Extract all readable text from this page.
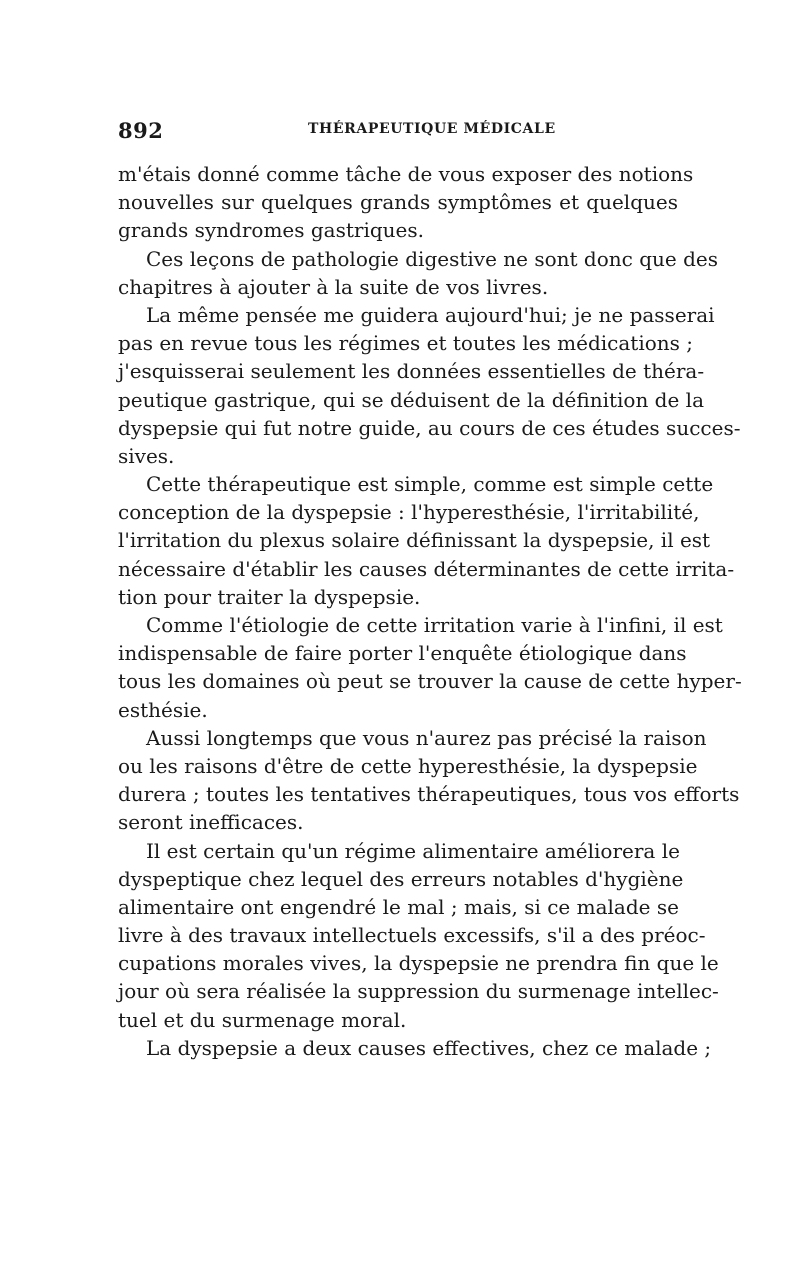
892	THÉRAPEUTIQUE MÉDICALE
m'étais donné comme tâche de vous exposer des notions
nouvelles sur quelques grands symptômes et quelques
grands syndromes gastriques.
Ces leçons de pathologie digestive ne sont donc que des
chapitres à ajouter à la suite de vos livres.
La même pensée me guidera aujourd'hui; je ne passerai
pas en revue tous les régimes et toutes les médications ;
j'esquisserai seulement les données essentielles de théra-
peutique gastrique, qui se déduisent de la définition de la
dyspepsie qui fut notre guide, au cours de ces études succes-
sives.
Cette thérapeutique est simple, comme est simple cette
conception de la dyspepsie : l'hyperesthésie, l'irritabilité,
l'irritation du plexus solaire définissant la dyspepsie, il est
nécessaire d'établir les causes déterminantes de cette irrita-
tion pour traiter la dyspepsie.
Comme l'étiologie de cette irritation varie à l'infini, il est
indispensable de faire porter l'enquête étiologique dans
tous les domaines où peut se trouver la cause de cette hyper-
esthésie.
Aussi longtemps que vous n'aurez pas précisé la raison
ou les raisons d'être de cette hyperesthésie, la dyspepsie
durera ; toutes les tentatives thérapeutiques, tous vos efforts
seront inefficaces.
Il est certain qu'un régime alimentaire améliorera le
dyspeptique chez lequel des erreurs notables d'hygiène
alimentaire ont engendré le mal ; mais, si ce malade se
livre à des travaux intellectuels excessifs, s'il a des préoc-
cupations morales vives, la dyspepsie ne prendra fin que le
jour où sera réalisée la suppression du surmenage intellec-
tuel et du surmenage moral.
La dyspepsie a deux causes effectives, chez ce malade ;
